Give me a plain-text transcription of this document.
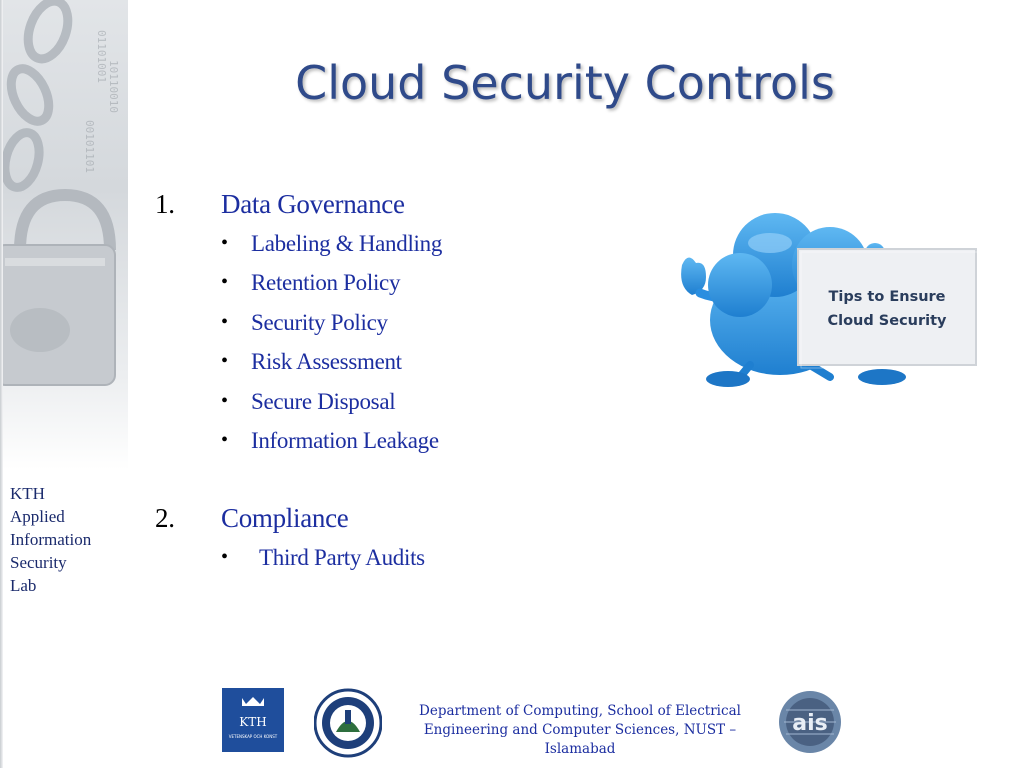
01101001
10110010
00101101
KTH
Applied
Information
Security
Lab
Cloud Security Controls
1. Data Governance
• Labeling & Handling
• Retention Policy
• Security Policy
• Risk Assessment
• Secure Disposal
• Information Leakage
2. Compliance
• Third Party Audits
Tips to Ensure
Cloud Security
KTH
VETENSKAP OCH KONST
ais
Department of Computing, School of Electrical Engineering and Computer Sciences, NUST – Islamabad
